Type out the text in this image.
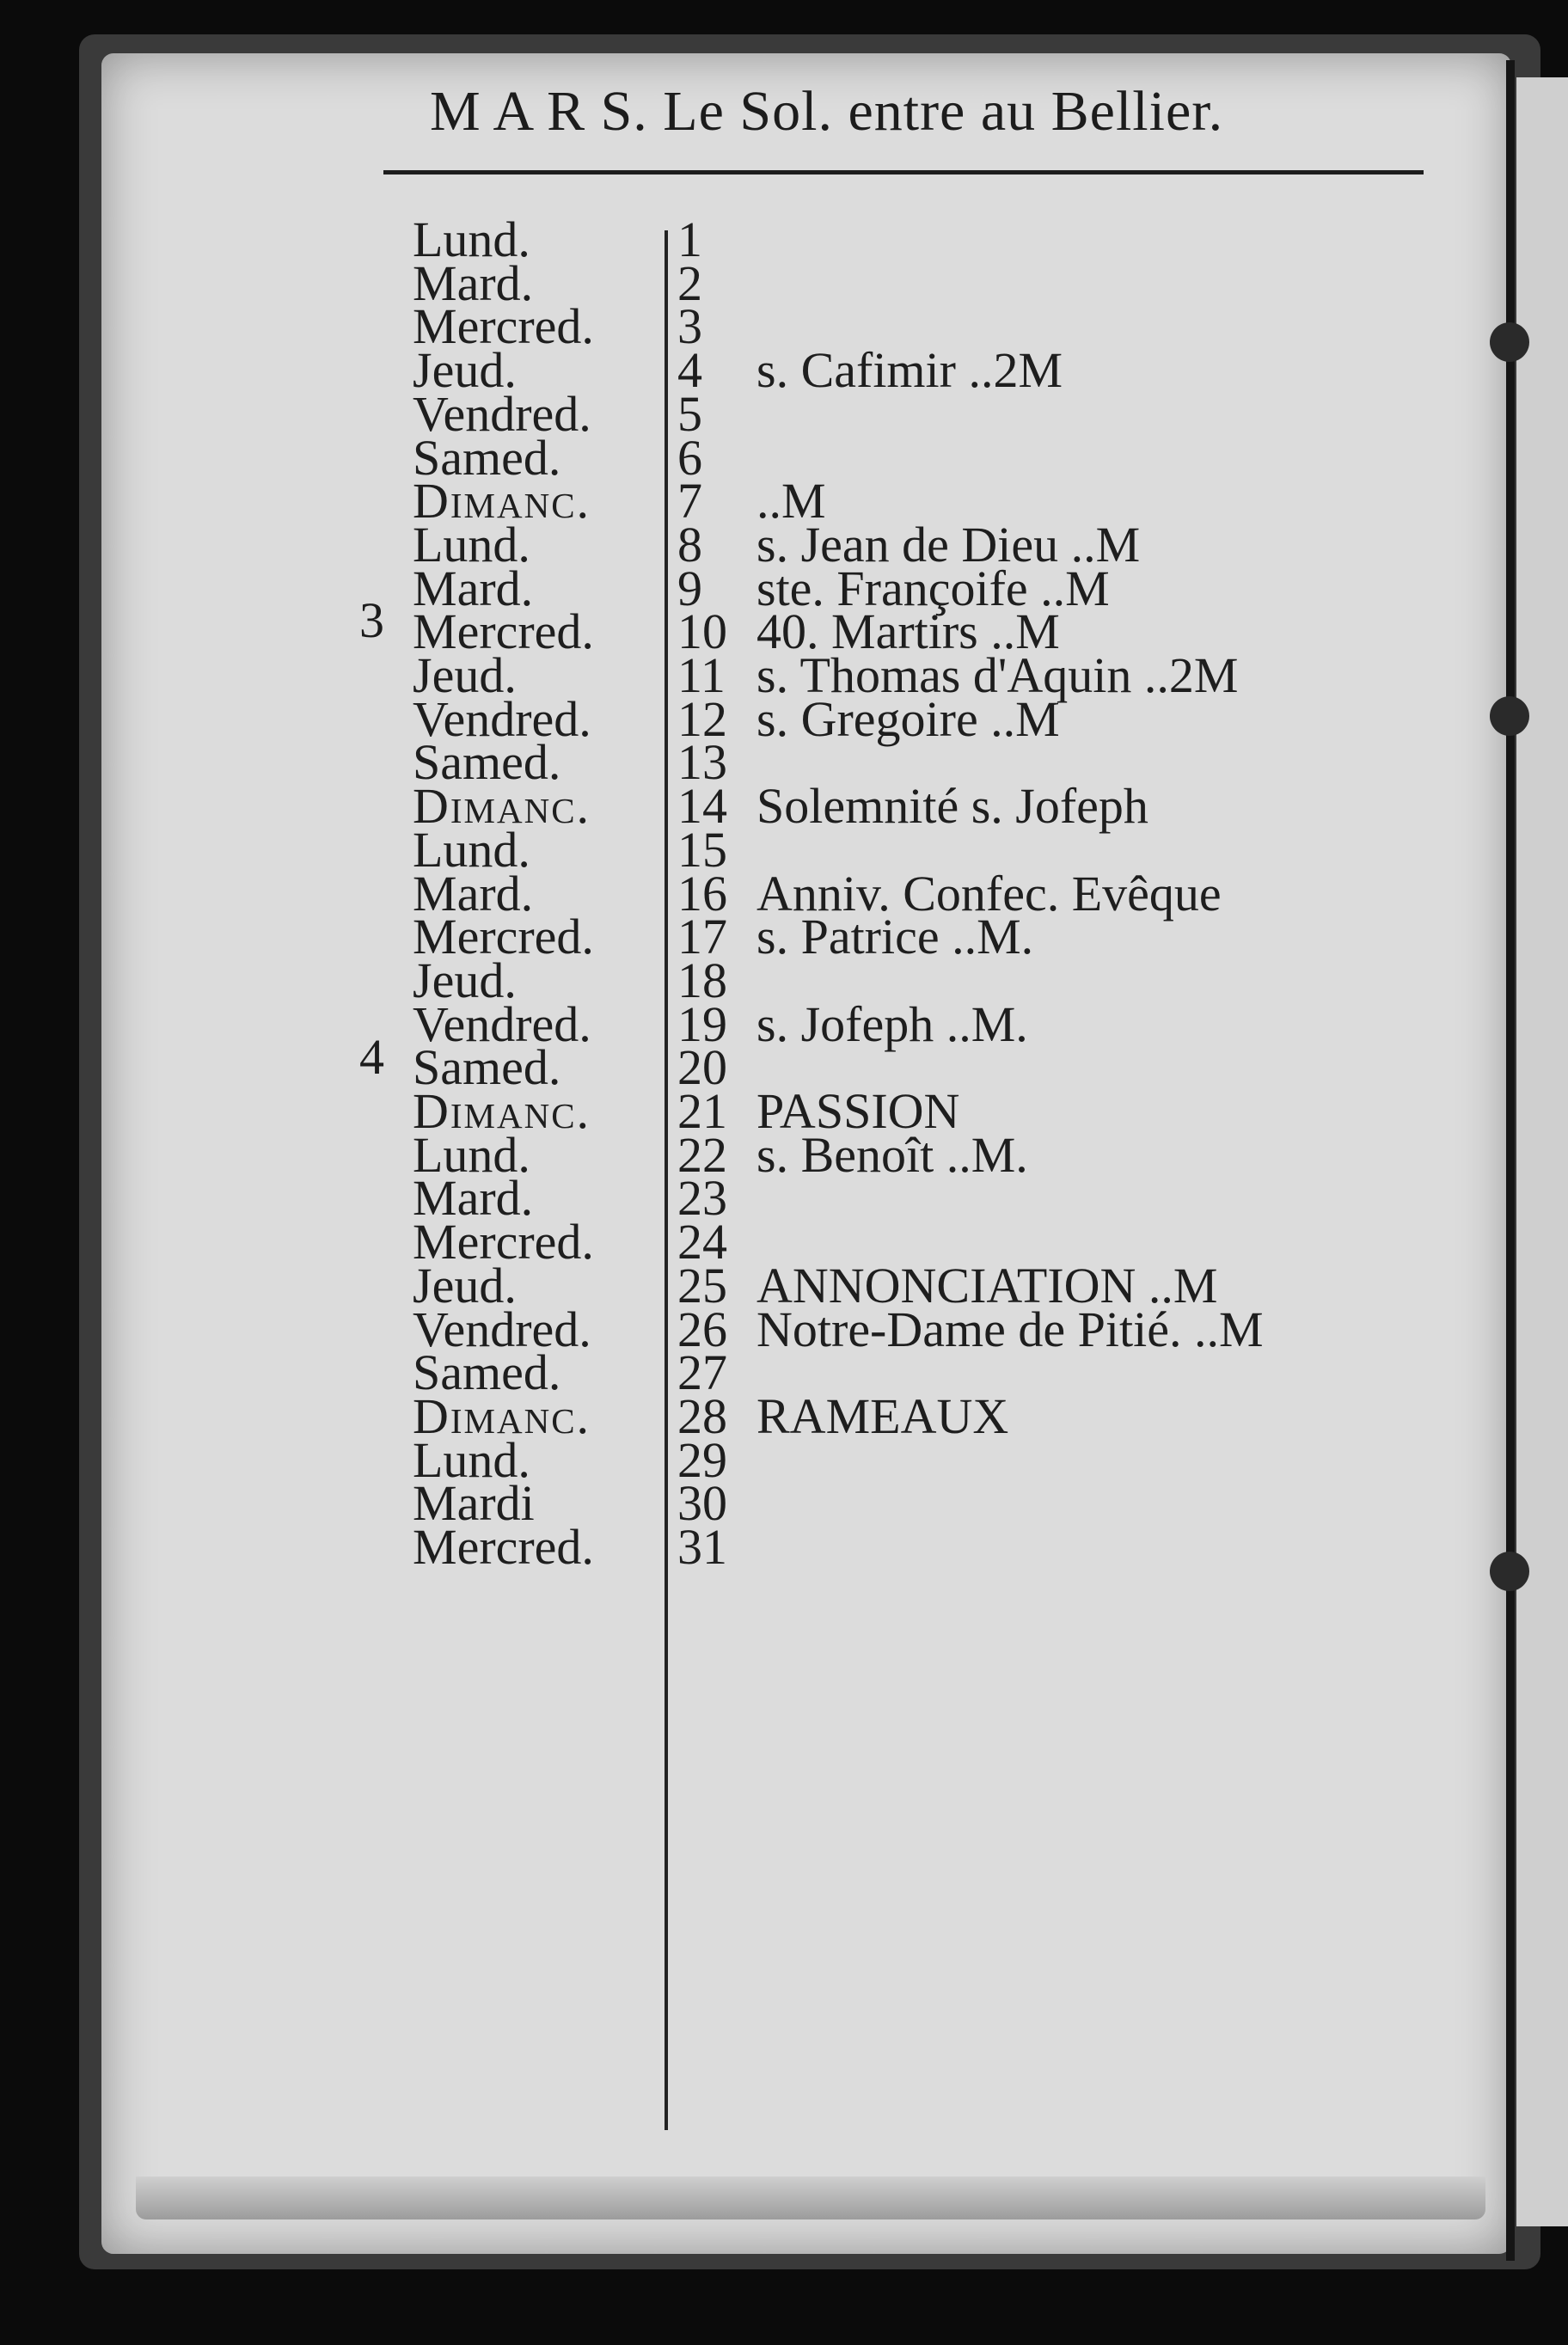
M A R S. Le Sol. entre au Bellier.
3
4
Lund.	1
Mard.	2
Mercred. 3
Jeud.	4	s. Cafimir ..2M
Vendred. 5
Samed. 6
Dimanc. 7	..M
Lund.	8	s. Jean de Dieu ..M
Mard.	9	ste. Françoife ..M
Mercred. 10 40. Martirs ..M
Jeud.	11 s. Thomas d'Aquin ..2M
Vendred. 12 s. Gregoire ..M
Samed. 13
Dimanc. 14 Solemnité s. Jofeph
Lund.	15
Mard.	16 Anniv. Confec. Evêque
Mercred. 17 s. Patrice ..M.
Jeud.	18
Vendred. 19 s. Jofeph ..M.
Samed. 20
Dimanc. 21 PASSION
Lund.	22 s. Benoît ..M.
Mard.	23
Mercred. 24
Jeud.	25 ANNONCIATION ..M
Vendred. 26 Notre-Dame de Pitié. ..M
Samed. 27
Dimanc. 28 RAMEAUX
Lund.	29
Mardi	30
Mercred. 31
